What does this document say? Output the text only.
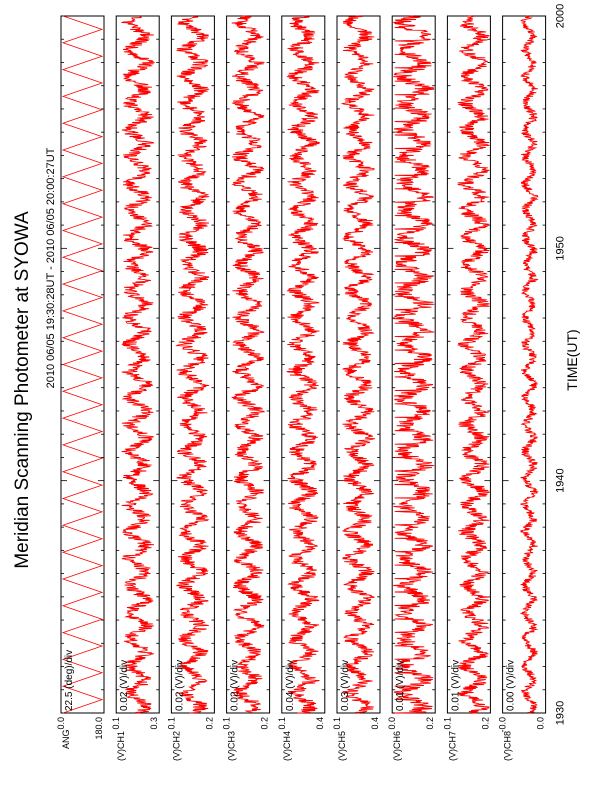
Meridian Scanning Photometer at SYOWA 2010 06/05 19:30:28UT - 2010 06/05 20:00:27UT	TIME(UT)
ANG
0.0	180.0
22.5 (deg)/div
(V)
CH1
0.1	0.3
0.02 (V)/div
(V)
CH2
0.1	0.2
0.02 (V)/div
(V)
CH3
0.1	0.2
0.02 (V)/div
(V)
CH4
0.1	0.4
0.04 (V)/div
(V)
CH5
0.1	0.4
0.03 (V)/div
(V)
CH6
0.0	0.2
0.01 (V)/div
(V)
CH7
0.1	0.2
0.01 (V)/div
(V)
CH8
-0.0	0.0
0.00 (V)/div
1930
1940
1950
2000
